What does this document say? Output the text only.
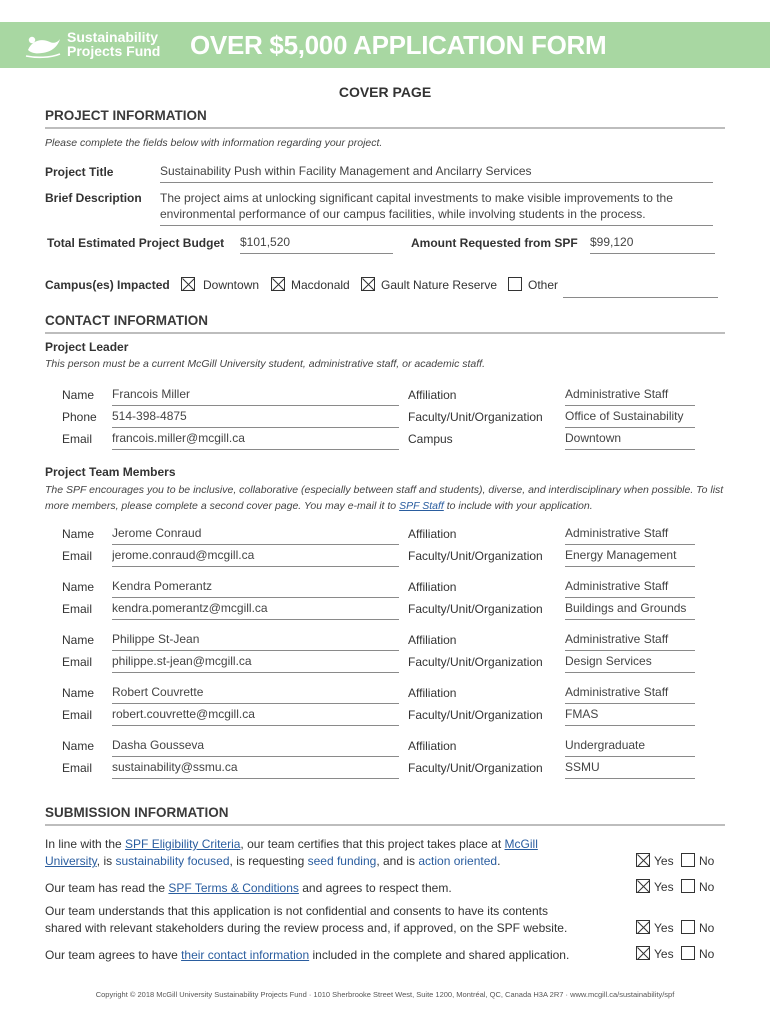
Sustainability
Projects Fund OVER $5,000 APPLICATION FORM
COVER PAGE
PROJECT INFORMATION
Please complete the fields below with information regarding your project.
Project Title	Sustainability Push within Facility Management and Ancilarry Services
Brief Description The project aims at unlocking significant capital investments to make visible improvements to the environmental performance of our campus facilities, while involving students in the process.
Total Estimated Project Budget $101,520	Amount Requested from SPF $99,120
Campus(es) Impacted	Downtown	Macdonald	Gault Nature Reserve	Other
CONTACT INFORMATION
Project Leader
This person must be a current McGill University student, administrative staff, or academic staff.
Name Francois Miller	Affiliation	Administrative Staff
Phone 514-398-4875	Faculty/Unit/Organization Office of Sustainability
Email francois.miller@mcgill.ca	Campus	Downtown
Project Team Members
The SPF encourages you to be inclusive, collaborative (especially between staff and students), diverse, and interdisciplinary when possible. To list more members, please complete a second cover page. You may e-mail it to SPF Staff to include with your application.
Name Jerome Conraud	Affiliation	Administrative Staff
Email jerome.conraud@mcgill.ca	Faculty/Unit/Organization Energy Management
Name Kendra Pomerantz	Affiliation	Administrative Staff
Email kendra.pomerantz@mcgill.ca	Faculty/Unit/Organization Buildings and Grounds
Name Philippe St-Jean	Affiliation	Administrative Staff
Email philippe.st-jean@mcgill.ca	Faculty/Unit/Organization Design Services
Name Robert Couvrette	Affiliation	Administrative Staff
Email robert.couvrette@mcgill.ca	Faculty/Unit/Organization FMAS
Name Dasha Gousseva	Affiliation	Undergraduate
Email sustainability@ssmu.ca	Faculty/Unit/Organization SSMU
SUBMISSION INFORMATION
In line with the SPF Eligibility Criteria, our team certifies that this project takes place at McGill
University, is sustainability focused, is requesting seed funding, and is action oriented.	Yes No
Our team has read the SPF Terms & Conditions and agrees to respect them.	Yes No
Our team understands that this application is not confidential and consents to have its contents
shared with relevant stakeholders during the review process and, if approved, on the SPF website.	Yes No
Our team agrees to have their contact information included in the complete and shared application.	Yes No
Copyright © 2018 McGill University Sustainability Projects Fund · 1010 Sherbrooke Street West, Suite 1200, Montréal, QC, Canada H3A 2R7 · www.mcgill.ca/sustainability/spf
